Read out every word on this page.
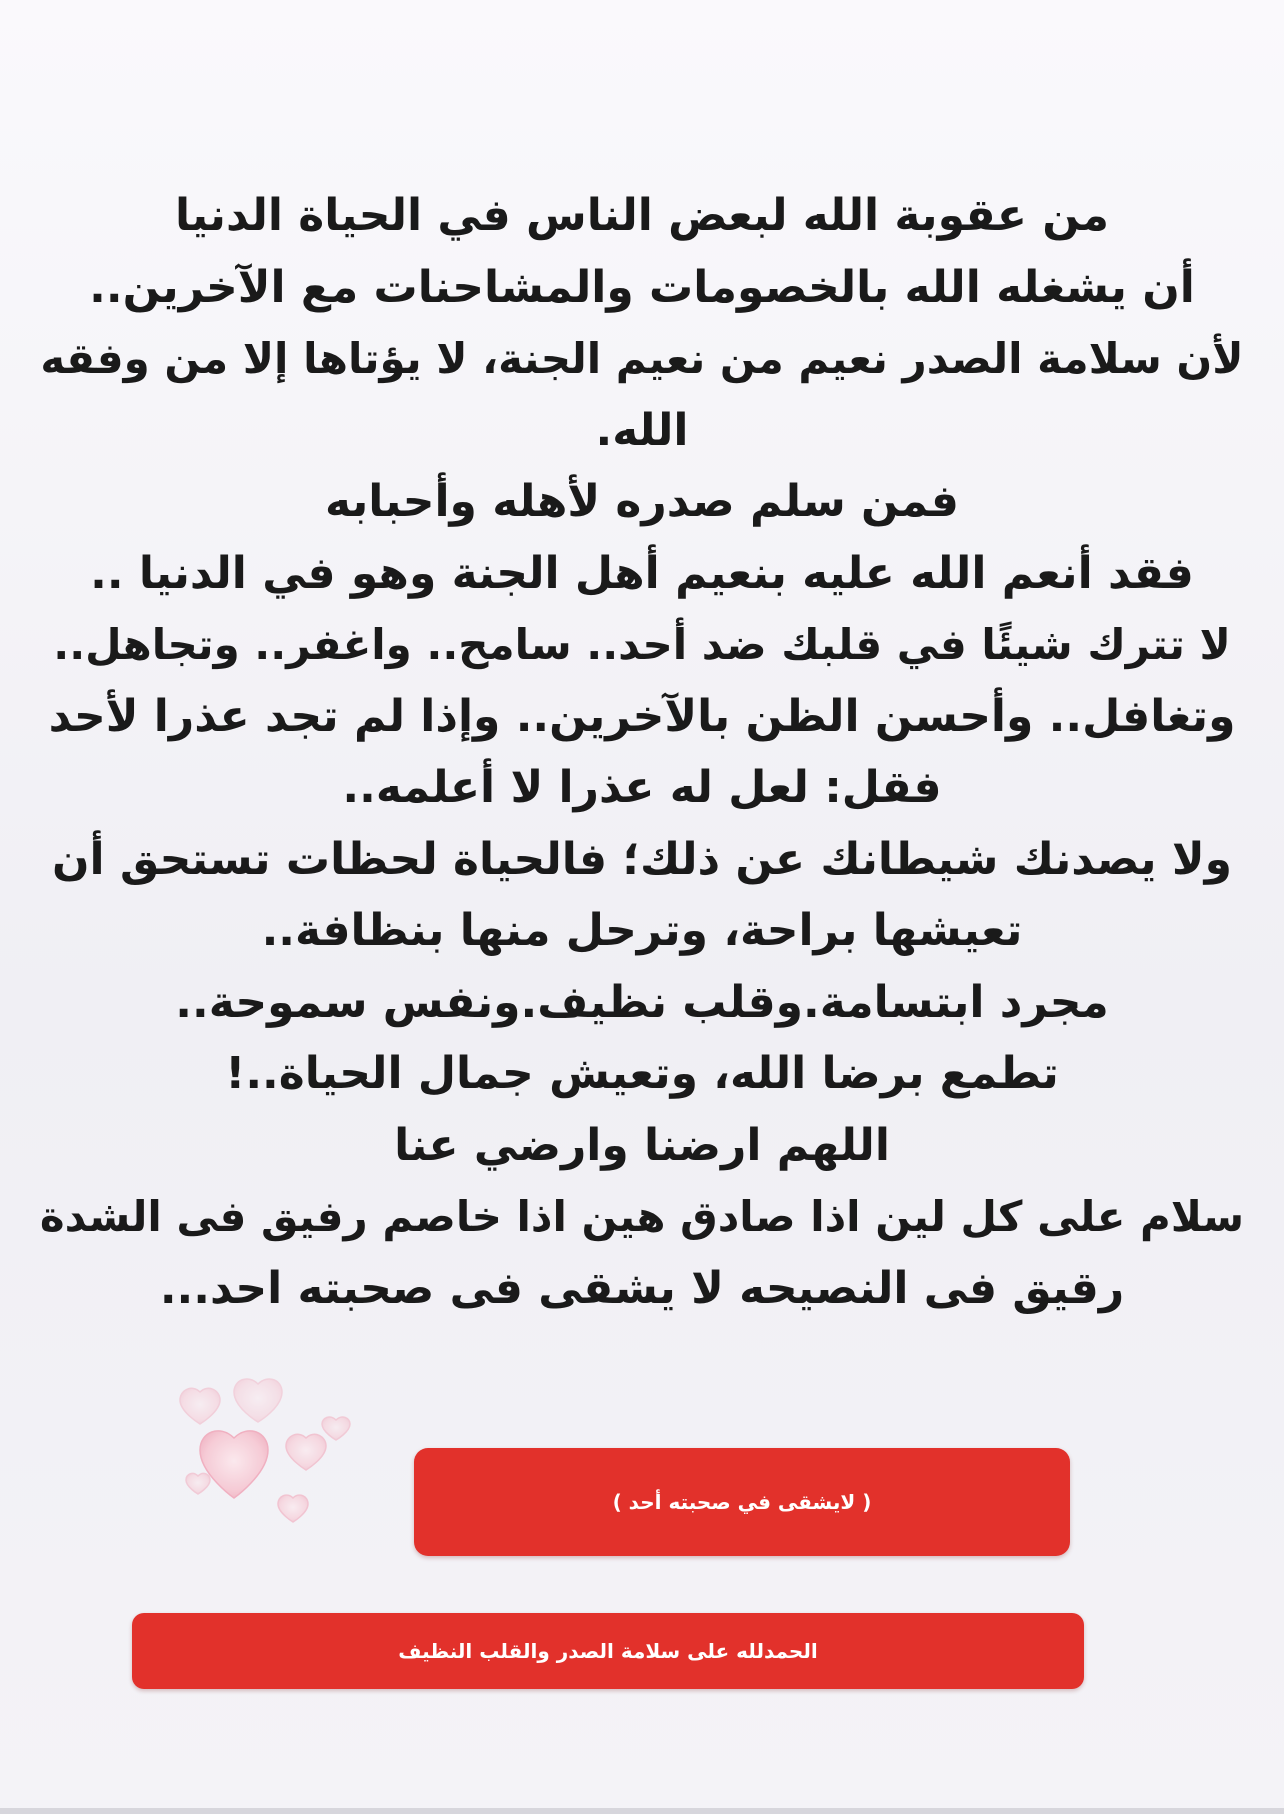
من عقوبة الله لبعض الناس في الحياة الدنيا
أن يشغله الله بالخصومات والمشاحنات مع الآخرين..
لأن سلامة الصدر نعيم من نعيم الجنة، لا يؤتاها إلا من وفقه
الله.
فمن سلم صدره لأهله وأحبابه
فقد أنعم الله عليه بنعيم أهل الجنة وهو في الدنيا ..
لا تترك شيئًا في قلبك ضد أحد.. سامح.. واغفر.. وتجاهل..
وتغافل.. وأحسن الظن بالآخرين.. وإذا لم تجد عذرا لأحد
فقل: لعل له عذرا لا أعلمه..
ولا يصدنك شيطانك عن ذلك؛ فالحياة لحظات تستحق أن
تعيشها براحة، وترحل منها بنظافة..
مجرد ابتسامة.وقلب نظيف.ونفس سموحة..
تطمع برضا الله، وتعيش جمال الحياة..!
اللهم ارضنا وارضي عنا
سلام على كل لين اذا صادق هين اذا خاصم رفيق فى الشدة
رقيق فى النصيحه لا يشقى فى صحبته احد...
( لايشقى في صحبته أحد )
الحمدلله على سلامة الصدر والقلب النظيف
